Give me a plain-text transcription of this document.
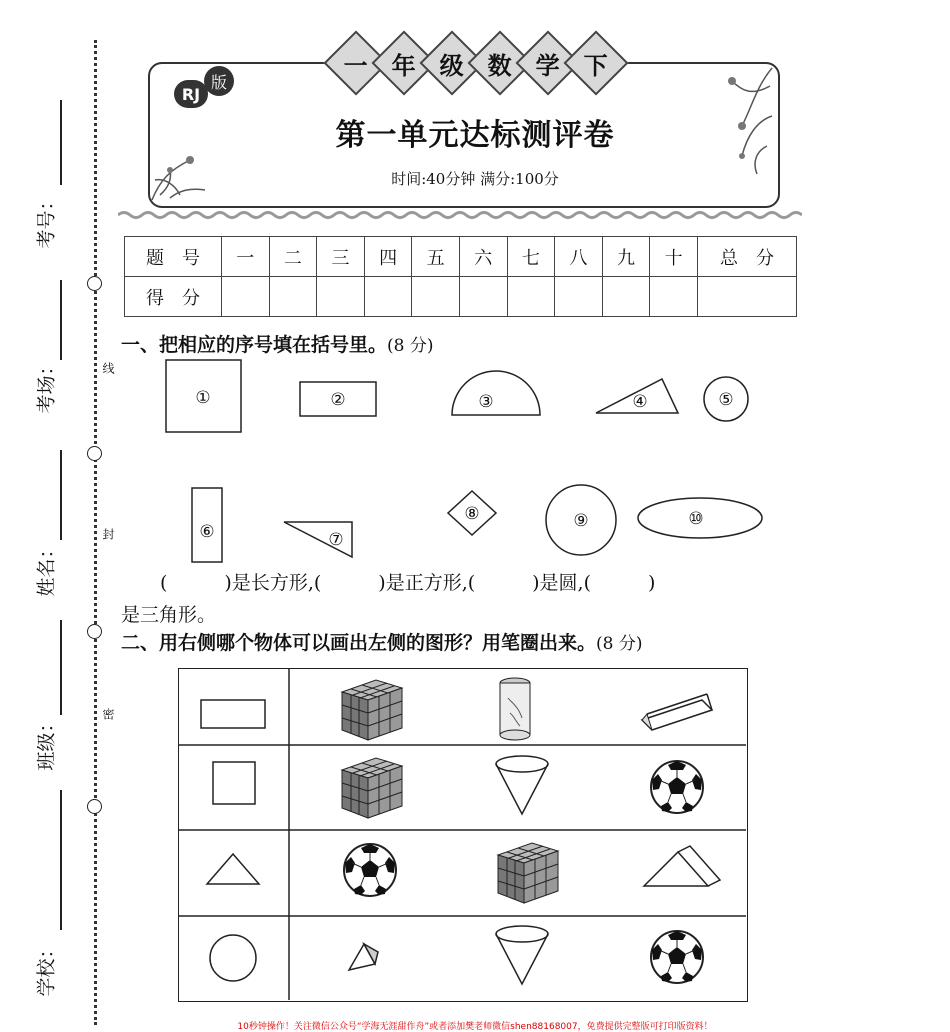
线
封
密
考号：
考场：
姓名：
班级：
学校：
一 年 级 数 学 下
RJ
版
第一单元达标测评卷
时间:40分钟 满分:100分
题　号	一	二	三	四	五	六	七	八	九	十	总　分
得　分											
一、把相应的序号填在括号里。(8 分)
①	②	③	④	⑤
⑥	⑦
⑧	⑨	⑩
(　　　)是长方形,(　　　)是正方形,(　　　)是圆,(　　　)
是三角形。
二、用右侧哪个物体可以画出左侧的图形？用笔圈出来。(8 分)
10秒钟操作！关注微信公众号“学海无涯甜作舟”或者添加樊老师微信shen88168007，免费提供完整版可打印版资料！
